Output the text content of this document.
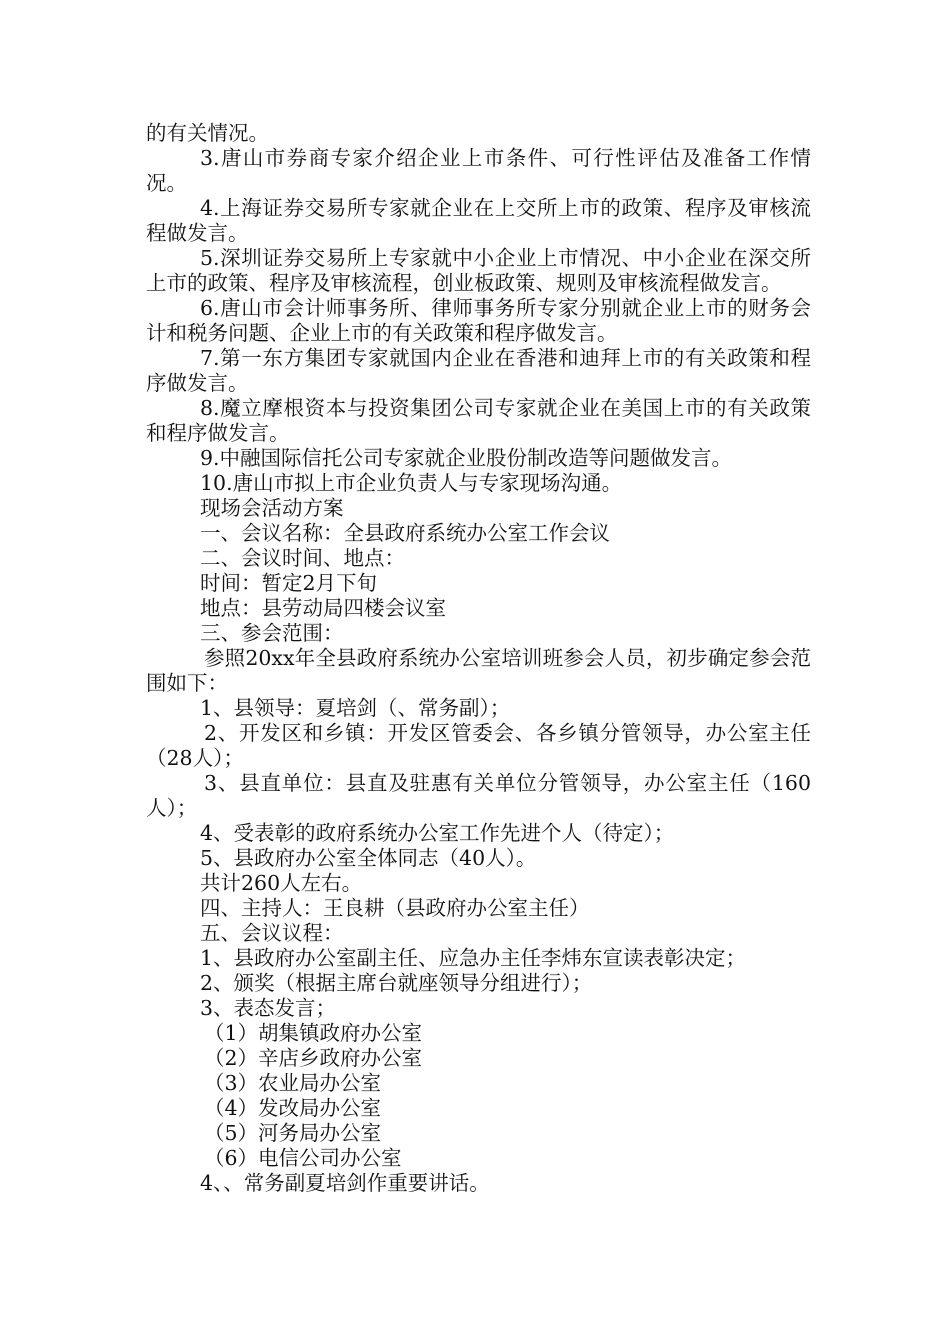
的有关情况。

3.唐山市券商专家介绍企业上市条件、可行性评估及准备工作情况。

4.上海证券交易所专家就企业在上交所上市的政策、程序及审核流程做发言。

5.深圳证券交易所上专家就中小企业上市情况、中小企业在深交所上市的政策、程序及审核流程，创业板政策、规则及审核流程做发言。

6.唐山市会计师事务所、律师事务所专家分别就企业上市的财务会计和税务问题、企业上市的有关政策和程序做发言。

7.第一东方集团专家就国内企业在香港和迪拜上市的有关政策和程序做发言。

8.魔立摩根资本与投资集团公司专家就企业在美国上市的有关政策和程序做发言。

9.中融国际信托公司专家就企业股份制改造等问题做发言。

10.唐山市拟上市企业负责人与专家现场沟通。

现场会活动方案

一、会议名称：全县政府系统办公室工作会议

二、会议时间、地点：

时间：暂定2月下旬

地点：县劳动局四楼会议室

三、参会范围：

参照20xx年全县政府系统办公室培训班参会人员，初步确定参会范围如下：

1、县领导：夏培剑（、常务副）；

2、开发区和乡镇：开发区管委会、各乡镇分管领导，办公室主任（28人）；

3、县直单位：县直及驻惠有关单位分管领导，办公室主任（160人）；

4、受表彰的政府系统办公室工作先进个人（待定）；

5、县政府办公室全体同志（40人）。

共计260人左右。

四、主持人：王良耕（县政府办公室主任）

五、会议议程：

1、县政府办公室副主任、应急办主任李炜东宣读表彰决定；

2、颁奖（根据主席台就座领导分组进行）；

3、表态发言；

（1）胡集镇政府办公室

（2）辛店乡政府办公室

（3）农业局办公室

（4）发改局办公室

（5）河务局办公室

（6）电信公司办公室

4、、常务副夏培剑作重要讲话。
